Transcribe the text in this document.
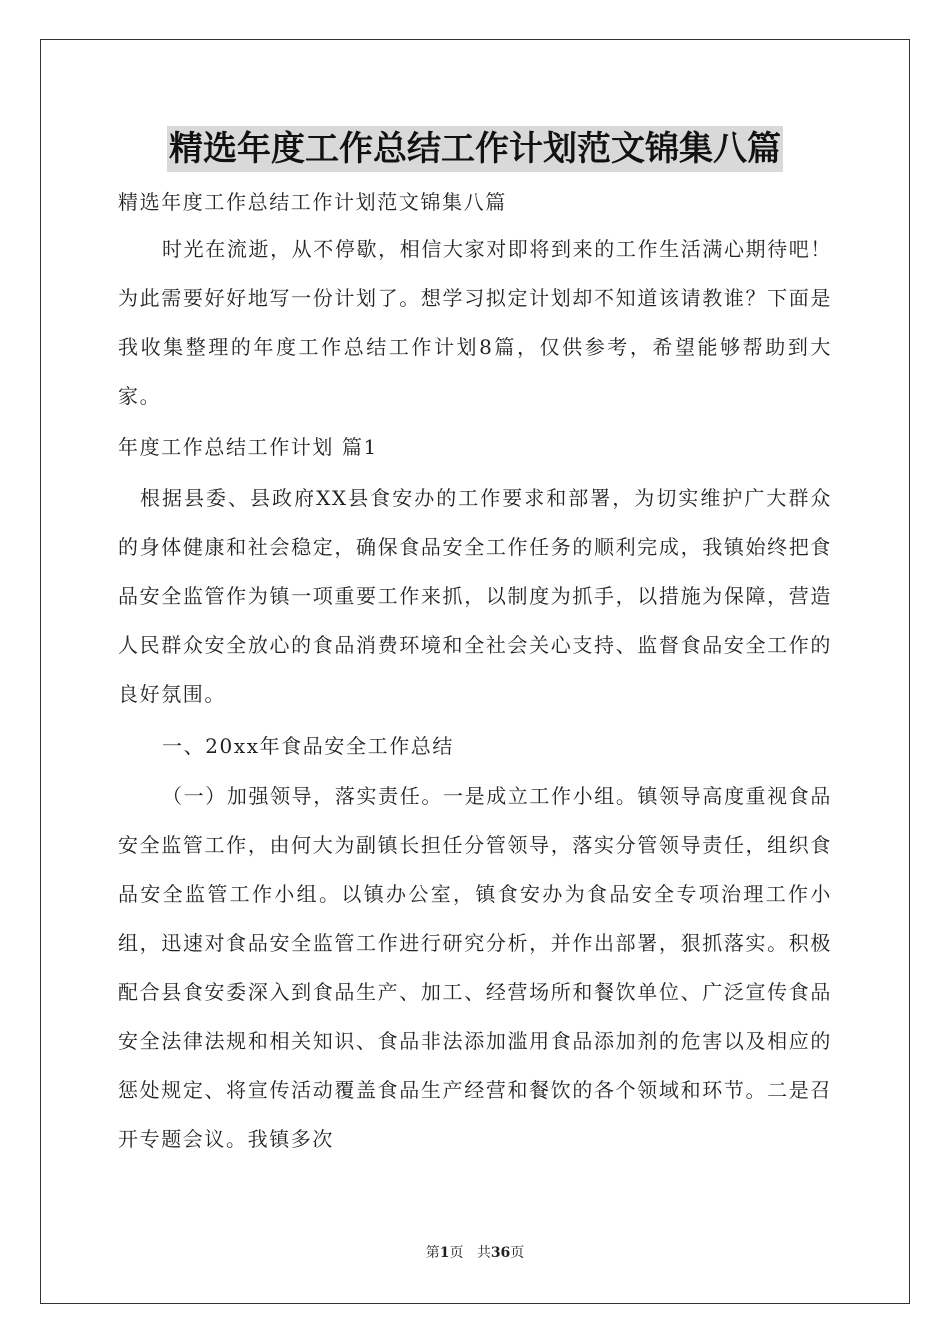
精选年度工作总结工作计划范文锦集八篇
精选年度工作总结工作计划范文锦集八篇
时光在流逝，从不停歇，相信大家对即将到来的工作生活满心期待吧！为此需要好好地写一份计划了。想学习拟定计划却不知道该请教谁？下面是我收集整理的年度工作总结工作计划8篇，仅供参考，希望能够帮助到大家。
年度工作总结工作计划 篇1
根据县委、县政府XX县食安办的工作要求和部署，为切实维护广大群众的身体健康和社会稳定，确保食品安全工作任务的顺利完成，我镇始终把食品安全监管作为镇一项重要工作来抓，以制度为抓手，以措施为保障，营造人民群众安全放心的食品消费环境和全社会关心支持、监督食品安全工作的良好氛围。
一、20xx年食品安全工作总结
（一）加强领导，落实责任。一是成立工作小组。镇领导高度重视食品安全监管工作，由何大为副镇长担任分管领导，落实分管领导责任，组织食品安全监管工作小组。以镇办公室，镇食安办为食品安全专项治理工作小组，迅速对食品安全监管工作进行研究分析，并作出部署，狠抓落实。积极配合县食安委深入到食品生产、加工、经营场所和餐饮单位、广泛宣传食品安全法律法规和相关知识、食品非法添加滥用食品添加剂的危害以及相应的惩处规定、将宣传活动覆盖食品生产经营和餐饮的各个领域和环节。二是召开专题会议。我镇多次
第1页 共36页
